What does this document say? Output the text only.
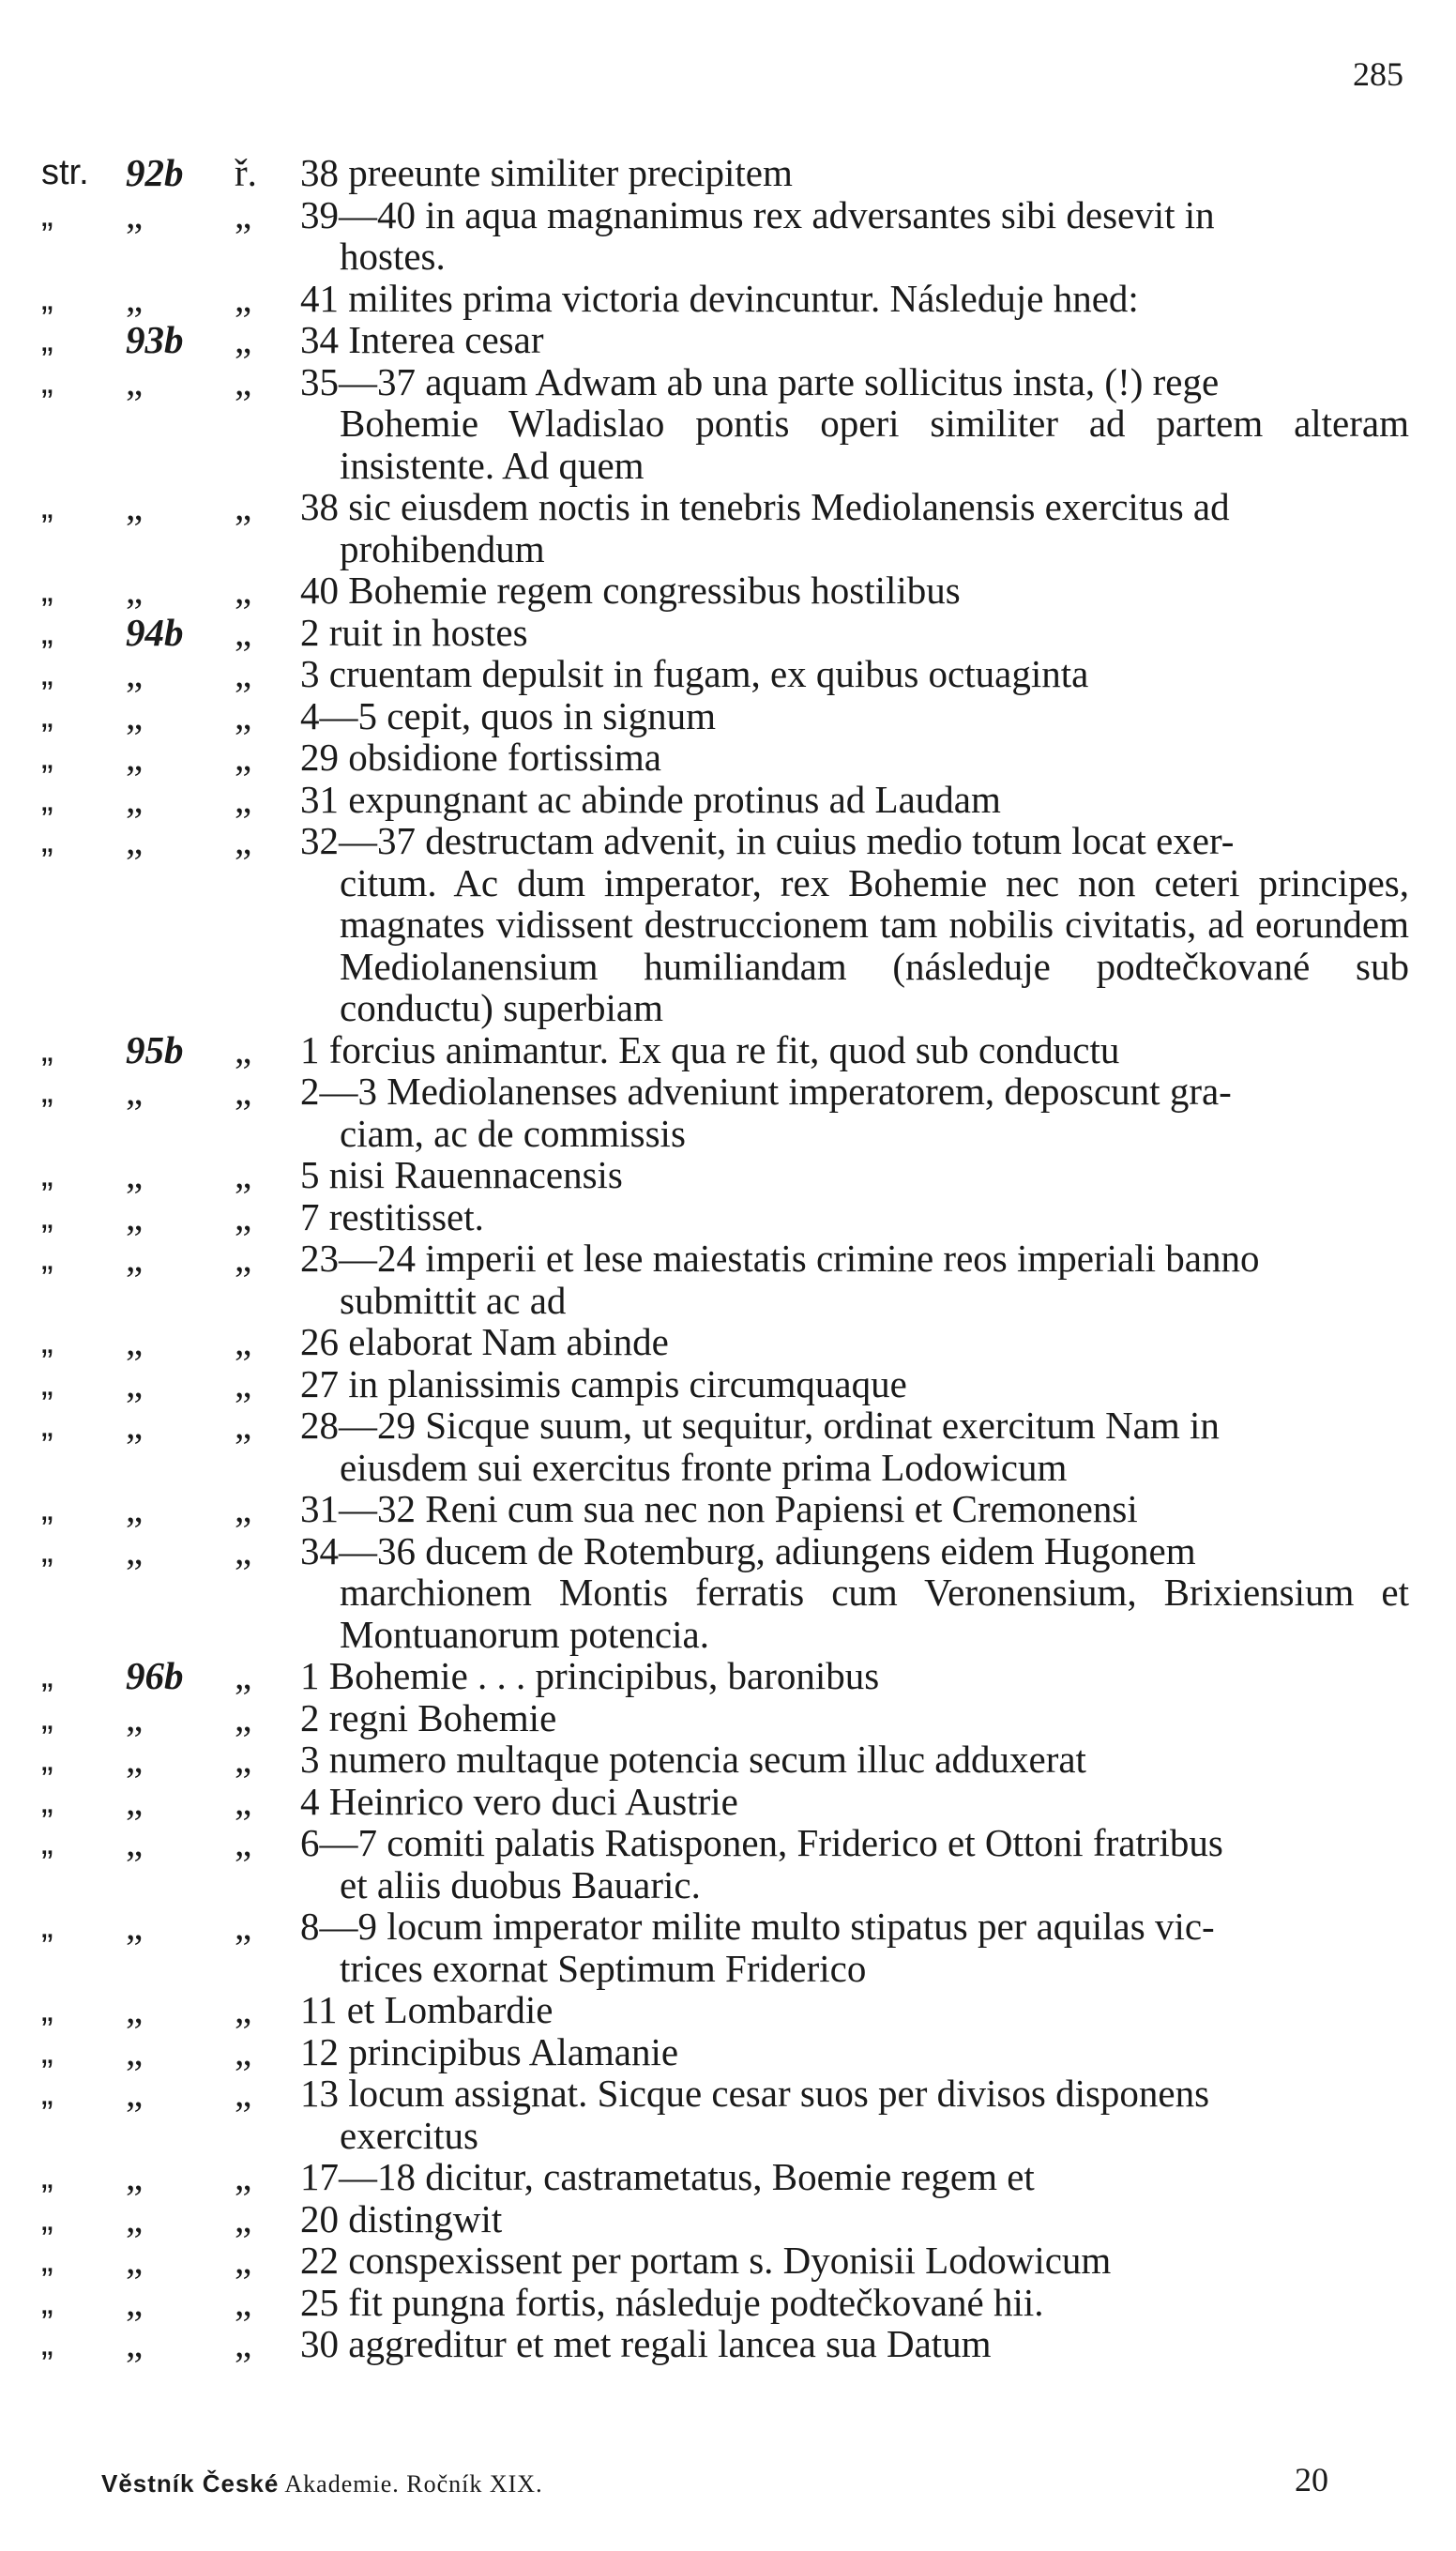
285
str. 92b	ř.	38 preeunte similiter precipitem
„	„	„	39—40 in aqua magnanimus rex adversantes sibi desevit in
hostes.
„	„	„	41 milites prima victoria devincuntur. Následuje hned:
„	93b	„	34 Interea cesar
„	„	„	35—37 aquam Adwam ab una parte sollicitus insta, (!) rege
Bohemie Wladislao pontis operi similiter ad partem alteram insistente. Ad quem
„	„	„	38 sic eiusdem noctis in tenebris Mediolanensis exercitus ad
prohibendum
„	„	„	40 Bohemie regem congressibus hostilibus
„	94b	„	2 ruit in hostes
„	„	„	3 cruentam depulsit in fugam, ex quibus octuaginta
„	„	„	4—5 cepit, quos in signum
„	„	„	29 obsidione fortissima
„	„	„	31 expungnant ac abinde protinus ad Laudam
„	„	„	32—37 destructam advenit, in cuius medio totum locat exer-
citum. Ac dum imperator, rex Bohemie nec non ceteri principes, magnates vidissent destruccionem tam nobilis civitatis, ad eorundem Mediolanensium humiliandam (následuje podtečkované sub conductu) superbiam
„	95b	„	1 forcius animantur. Ex qua re fit, quod sub conductu
„	„	„	2—3 Mediolanenses adveniunt imperatorem, deposcunt gra-
ciam, ac de commissis
„	„	„	5 nisi Rauennacensis
„	„	„	7 restitisset.
„	„	„	23—24 imperii et lese maiestatis crimine reos imperiali banno
submittit ac ad
„	„	„	26 elaborat Nam abinde
„	„	„	27 in planissimis campis circumquaque
„	„	„	28—29 Sicque suum, ut sequitur, ordinat exercitum Nam in
eiusdem sui exercitus fronte prima Lodowicum
„	„	„	31—32 Reni cum sua nec non Papiensi et Cremonensi
„	„	„	34—36 ducem de Rotemburg, adiungens eidem Hugonem
marchionem Montis ferratis cum Veronensium, Brixiensium et Montuanorum potencia.
„	96b	„	1 Bohemie . . . principibus, baronibus
„	„	„	2 regni Bohemie
„	„	„	3 numero multaque potencia secum illuc adduxerat
„	„	„	4 Heinrico vero duci Austrie
„	„	„	6—7 comiti palatis Ratisponen, Friderico et Ottoni fratribus
et aliis duobus Bauaric.
„	„	„	8—9 locum imperator milite multo stipatus per aquilas vic-
trices exornat Septimum Friderico
„	„	„	11 et Lombardie
„	„	„	12 principibus Alamanie
„	„	„	13 locum assignat. Sicque cesar suos per divisos disponens
exercitus
„	„	„	17—18 dicitur, castrametatus, Boemie regem et
„	„	„	20 distingwit
„	„	„	22 conspexissent per portam s. Dyonisii Lodowicum
„	„	„	25 fit pungna fortis, následuje podtečkované hii.
„	„	„	30 aggreditur et met regali lancea sua Datum
Věstník České Akademie. Ročník XIX.	20
